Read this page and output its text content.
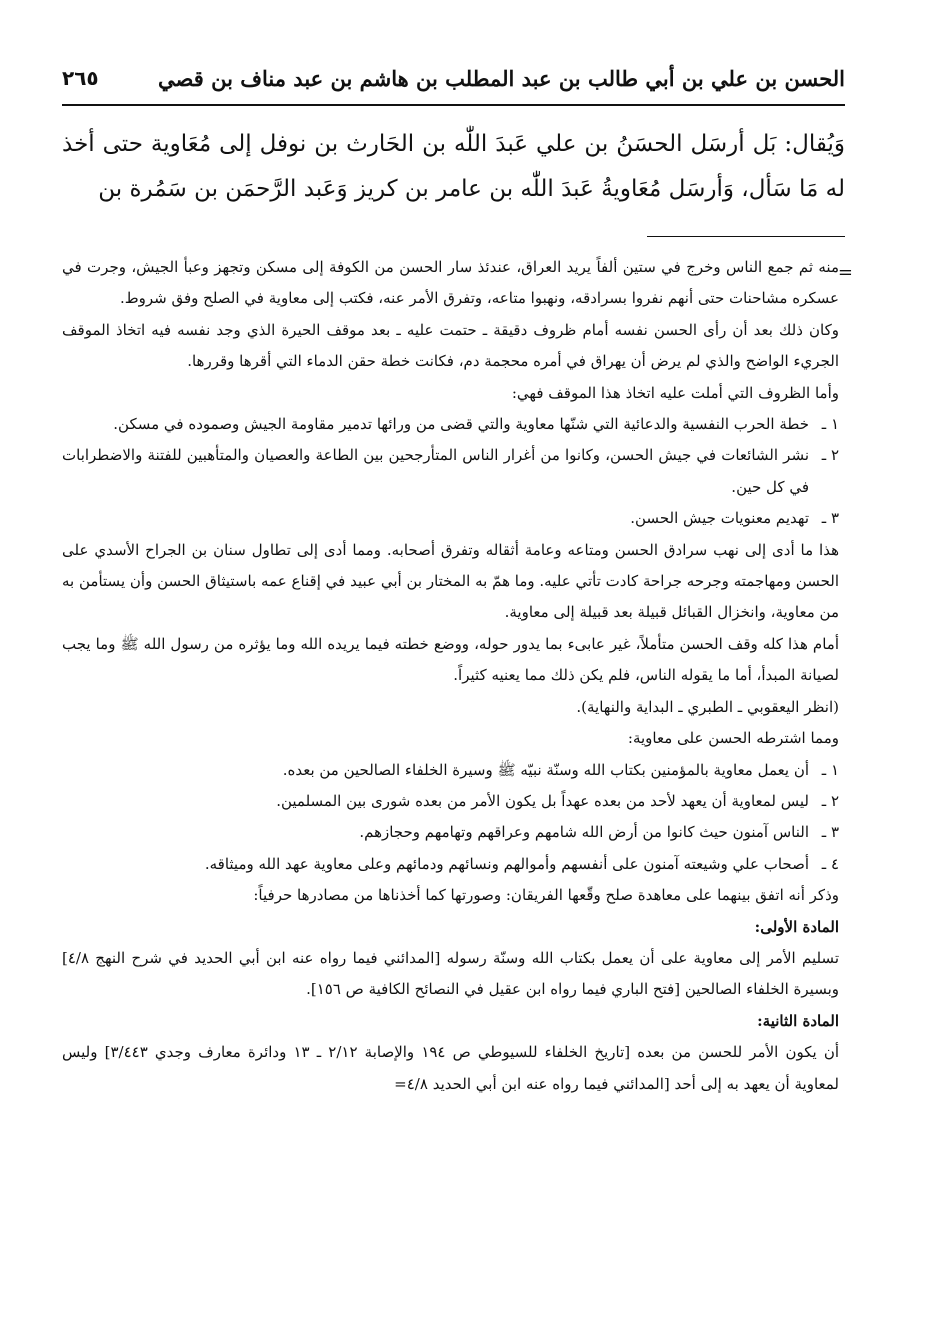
الحسن بن علي بن أبي طالب بن عبد المطلب بن هاشم بن عبد مناف بن قصي
٢٦٥

وَيُقال: بَل أرسَل الحسَنُ بن علي عَبدَ اللّٰه بن الحَارث بن نوفل إلى مُعَاوية حتى أخذ له مَا سَأل، وَأرسَل مُعَاويةُ عَبدَ اللّٰه بن عامر بن كريز وَعَبد الرَّحمَن بن سَمُرة بن

=

منه ثم جمع الناس وخرج في ستين ألفاً يريد العراق، عندئذ سار الحسن من الكوفة إلى مسكن وتجهز وعبأ الجيش، وجرت في عسكره مشاحنات حتى أنهم نفروا بسرادقه، ونهبوا متاعه، وتفرق الأمر عنه، فكتب إلى معاوية في الصلح وفق شروط.

وكان ذلك بعد أن رأى الحسن نفسه أمام ظروف دقيقة ـ حتمت عليه ـ بعد موقف الحيرة الذي وجد نفسه فيه اتخاذ الموقف الجريء الواضح والذي لم يرض أن يهراق في أمره محجمة دم، فكانت خطة حقن الدماء التي أقرها وقررها.

وأما الظروف التي أملت عليه اتخاذ هذا الموقف فهي:

١ ـ
خطة الحرب النفسية والدعائية التي شنّها معاوية والتي قضى من ورائها تدمير مقاومة الجيش وصموده في مسكن.
٢ ـ
نشر الشائعات في جيش الحسن، وكانوا من أغرار الناس المتأرجحين بين الطاعة والعصيان والمتأهبين للفتنة والاضطرابات في كل حين.
٣ ـ
تهديم معنويات جيش الحسن.

هذا ما أدى إلى نهب سرادق الحسن ومتاعه وعامة أثقاله وتفرق أصحابه. ومما أدى إلى تطاول سنان بن الجراح الأسدي على الحسن ومهاجمته وجرحه جراحة كادت تأتي عليه. وما همّ به المختار بن أبي عبيد في إقناع عمه باستيثاق الحسن وأن يستأمن به من معاوية، وانخزال القبائل قبيلة بعد قبيلة إلى معاوية.

أمام هذا كله وقف الحسن متأملاً، غير عابىء بما يدور حوله، ووضع خطته فيما يريده الله وما يؤثره من رسول الله ﷺ وما يجب لصيانة المبدأ، أما ما يقوله الناس، فلم يكن ذلك مما يعنيه كثيراً.

(انظر اليعقوبي ـ الطبري ـ البداية والنهاية).

ومما اشترطه الحسن على معاوية:

١ ـ
أن يعمل معاوية بالمؤمنين بكتاب الله وسنّة نبيّه ﷺ وسيرة الخلفاء الصالحين من بعده.
٢ ـ
ليس لمعاوية أن يعهد لأحد من بعده عهداً بل يكون الأمر من بعده شورى بين المسلمين.
٣ ـ
الناس آمنون حيث كانوا من أرض الله شامهم وعراقهم وتهامهم وحجازهم.
٤ ـ
أصحاب علي وشيعته آمنون على أنفسهم وأموالهم ونسائهم ودمائهم وعلى معاوية عهد الله وميثاقه.

وذكر أنه اتفق بينهما على معاهدة صلح وقّعها الفريقان: وصورتها كما أخذناها من مصادرها حرفياً:

المادة الأولى:

تسليم الأمر إلى معاوية على أن يعمل بكتاب الله وسنّة رسوله [المدائني فيما رواه عنه ابن أبي الحديد في شرح النهج ٤/٨] وبسيرة الخلفاء الصالحين [فتح الباري فيما رواه ابن عقيل في النصائح الكافية ص ١٥٦].

المادة الثانية:

أن يكون الأمر للحسن من بعده [تاريخ الخلفاء للسيوطي ص ١٩٤ والإصابة ٢/١٢ ـ ١٣ ودائرة معارف وجدي ٣/٤٤٣] وليس لمعاوية أن يعهد به إلى أحد [المدائني فيما رواه عنه ابن أبي الحديد ٤/٨=
